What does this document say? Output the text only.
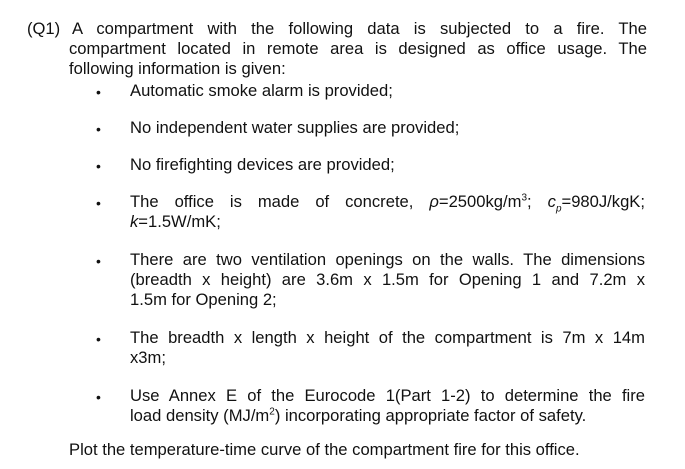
(Q1) A compartment with the following data is subjected to a fire. The
compartment located in remote area is designed as office usage. The
following information is given:
• Automatic smoke alarm is provided;
• No independent water supplies are provided;
• No firefighting devices are provided;
• The office is made of concrete, $\rho=2500kg/m^3$; $c_p=980J$/kgK;
k=1.5W/mK;
• There are two ventilation openings on the walls. The dimensions
(breadth x height) are 3.6m x 1.5m for Opening 1 and 7.2m x
1.5m for Opening 2;
• The breadth x length x height of the compartment is 7m x 14m
x3m;
• Use Annex E of the Eurocode 1(Part 1-2) to determine the fire
load density $(MJ/m^2)$ incorporating appropriate factor of safety.
Plot the temperature-time curve of the compartment fire for this office.
